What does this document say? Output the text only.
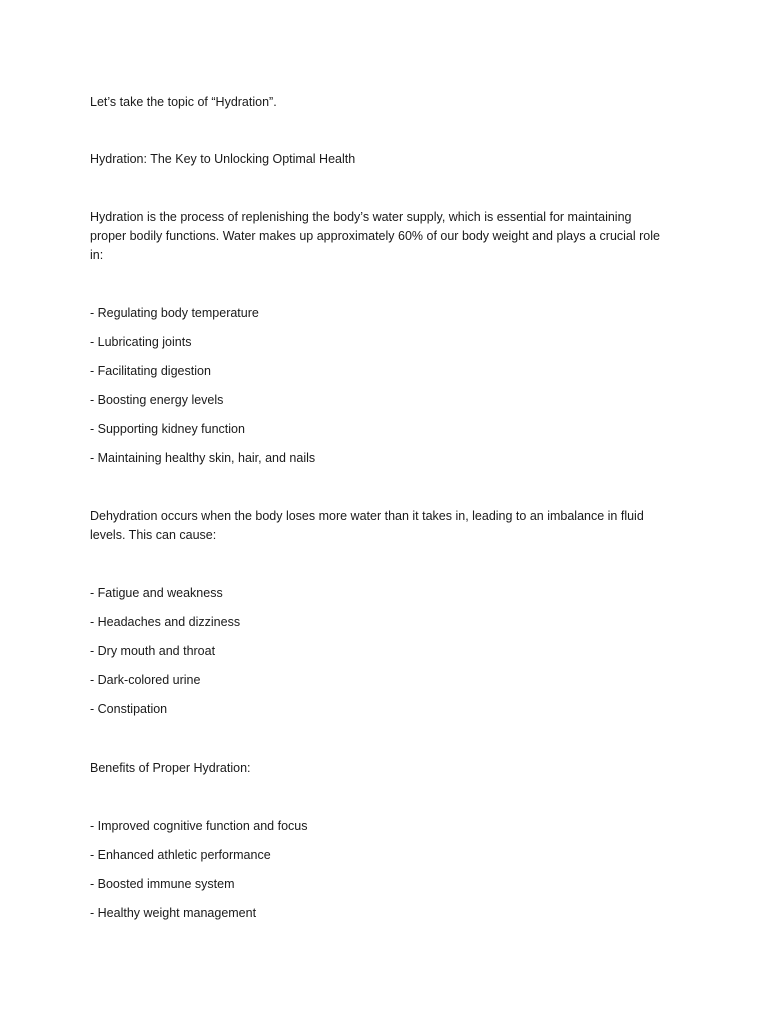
Let’s take the topic of “Hydration”.
Hydration: The Key to Unlocking Optimal Health
Hydration is the process of replenishing the body’s water supply, which is essential for maintaining
proper bodily functions. Water makes up approximately 60% of our body weight and plays a crucial role
in:
- Regulating body temperature
- Lubricating joints
- Facilitating digestion
- Boosting energy levels
- Supporting kidney function
- Maintaining healthy skin, hair, and nails
Dehydration occurs when the body loses more water than it takes in, leading to an imbalance in fluid
levels. This can cause:
- Fatigue and weakness
- Headaches and dizziness
- Dry mouth and throat
- Dark-colored urine
- Constipation
Benefits of Proper Hydration:
- Improved cognitive function and focus
- Enhanced athletic performance
- Boosted immune system
- Healthy weight management
